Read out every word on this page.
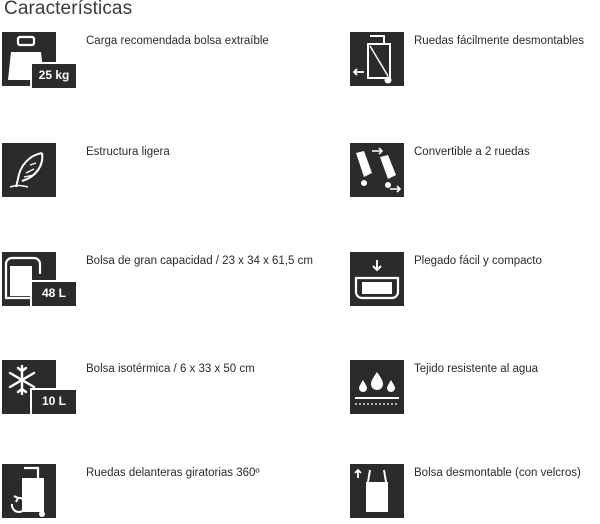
Características
25 kg
Carga recomendada bolsa extraíble
Estructura ligera
48 L
Bolsa de gran capacidad / 23 x 34 x 61,5 cm
10 L
Bolsa isotérmica / 6 x 33 x 50 cm
Ruedas delanteras giratorias 360º
Ruedas fácilmente desmontables
Convertible a 2 ruedas
Plegado fácil y compacto
Tejido resistente al agua
Bolsa desmontable (con velcros)
